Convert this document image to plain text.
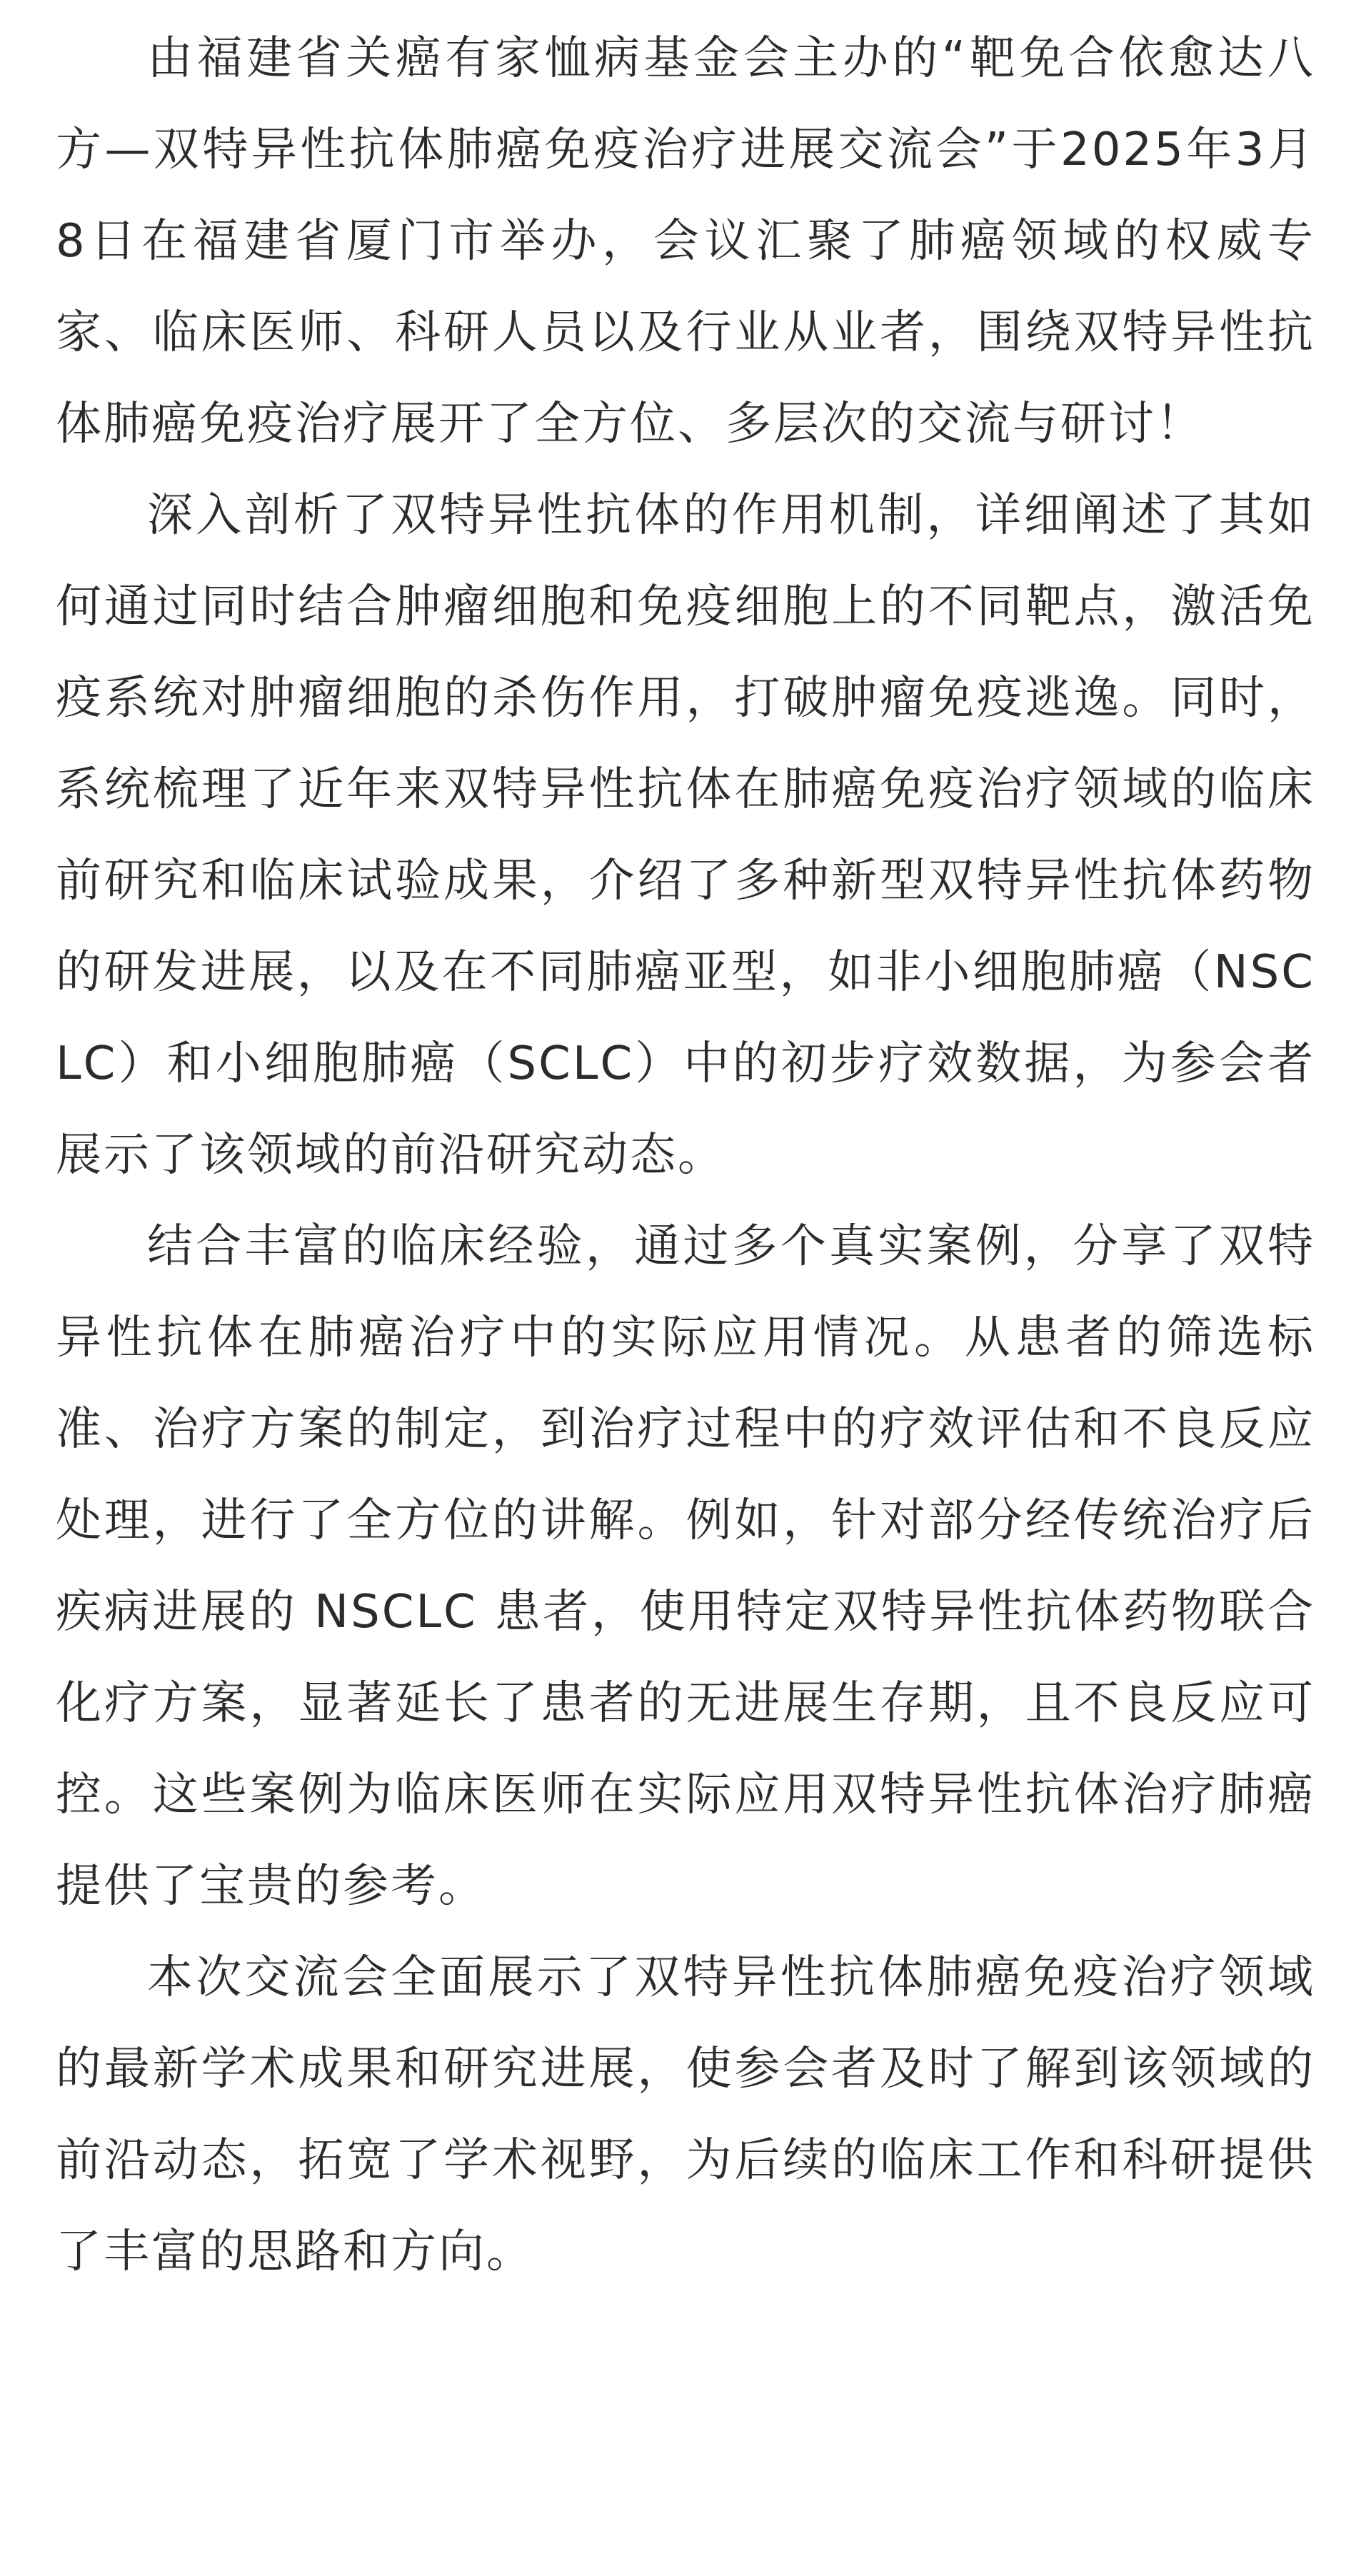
由福建省关癌有家恤病基金会主办的“靶免合依愈达八方—双特异性抗体肺癌免疫治疗进展交流会”于2025年3月8日在福建省厦门市举办，会议汇聚了肺癌领域的权威专家、临床医师、科研人员以及行业从业者，围绕双特异性抗体肺癌免疫治疗展开了全方位、多层次的交流与研讨！

深入剖析了双特异性抗体的作用机制，详细阐述了其如何通过同时结合肿瘤细胞和免疫细胞上的不同靶点，激活免疫系统对肿瘤细胞的杀伤作用，打破肿瘤免疫逃逸。同时，系统梳理了近年来双特异性抗体在肺癌免疫治疗领域的临床前研究和临床试验成果，介绍了多种新型双特异性抗体药物的研发进展，以及在不同肺癌亚型，如非小细胞肺癌（NSCLC）和小细胞肺癌（SCLC）中的初步疗效数据，为参会者展示了该领域的前沿研究动态。

结合丰富的临床经验，通过多个真实案例，分享了双特异性抗体在肺癌治疗中的实际应用情况。从患者的筛选标准、治疗方案的制定，到治疗过程中的疗效评估和不良反应处理，进行了全方位的讲解。例如，针对部分经传统治疗后疾病进展的 NSCLC 患者，使用特定双特异性抗体药物联合化疗方案，显著延长了患者的无进展生存期，且不良反应可控。这些案例为临床医师在实际应用双特异性抗体治疗肺癌提供了宝贵的参考。

本次交流会全面展示了双特异性抗体肺癌免疫治疗领域的最新学术成果和研究进展，使参会者及时了解到该领域的前沿动态，拓宽了学术视野，为后续的临床工作和科研提供了丰富的思路和方向。
